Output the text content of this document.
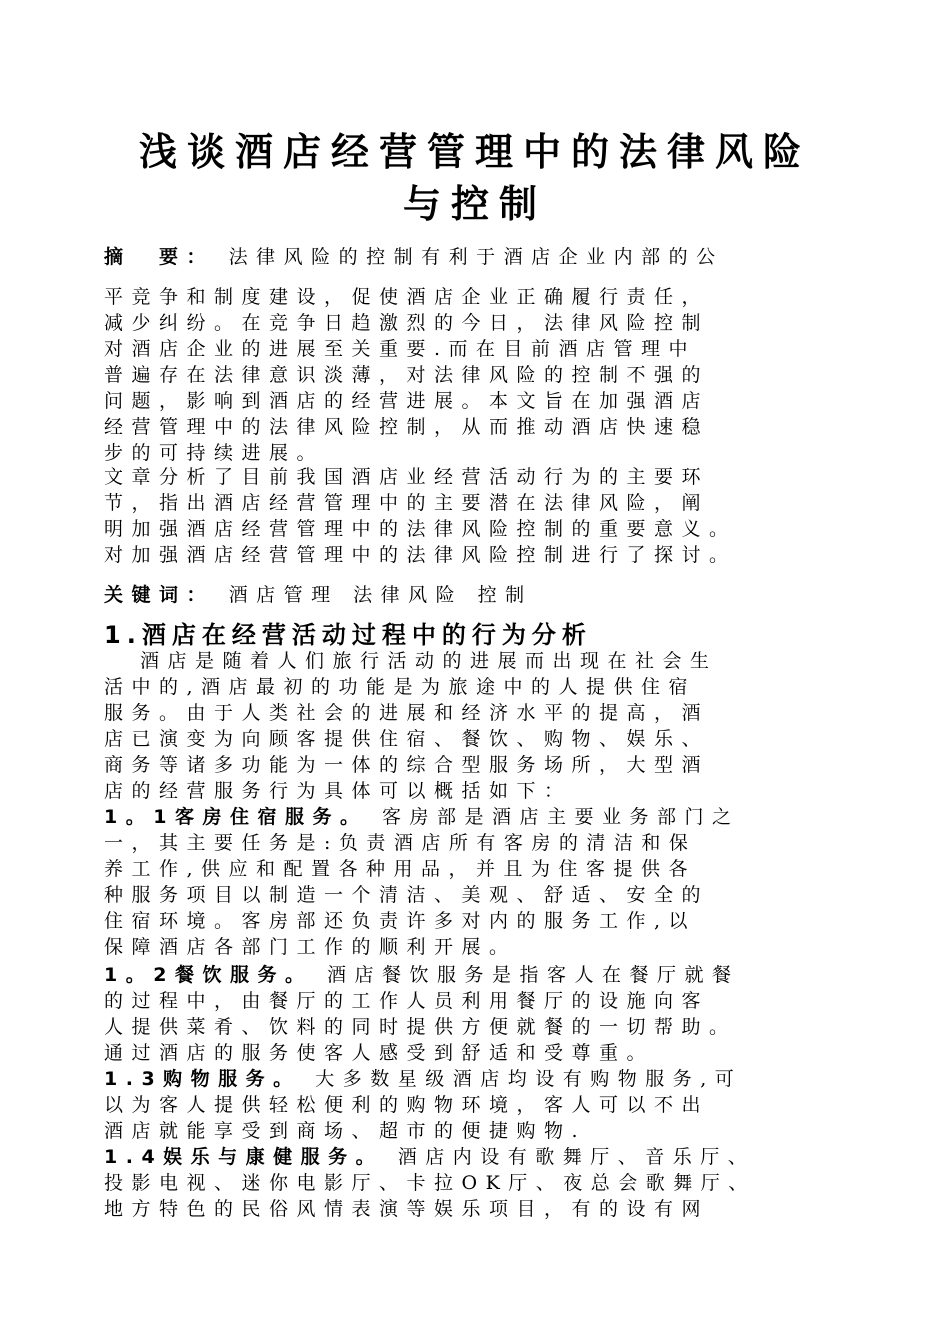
浅谈酒店经营管理中的法律风险
与控制
摘　要： 法律风险的控制有利于酒店企业内部的公
平竞争和制度建设，促使酒店企业正确履行责任，
减少纠纷。在竞争日趋激烈的今日，法律风险控制
对酒店企业的进展至关重要.而在目前酒店管理中
普遍存在法律意识淡薄，对法律风险的控制不强的
问题，影响到酒店的经营进展。本文旨在加强酒店
经营管理中的法律风险控制，从而推动酒店快速稳
步的可持续进展。
文章分析了目前我国酒店业经营活动行为的主要环
节，指出酒店经营管理中的主要潜在法律风险，阐
明加强酒店经营管理中的法律风险控制的重要意义。
对加强酒店经营管理中的法律风险控制进行了探讨。
关键词： 酒店管理 法律风险 控制
1.酒店在经营活动过程中的行为分析
酒店是随着人们旅行活动的进展而出现在社会生
活中的,酒店最初的功能是为旅途中的人提供住宿
服务。由于人类社会的进展和经济水平的提高，酒
店已演变为向顾客提供住宿、餐饮、购物、娱乐、
商务等诸多功能为一体的综合型服务场所，大型酒
店的经营服务行为具体可以概括如下：
1。1客房住宿服务。 客房部是酒店主要业务部门之
一，其主要任务是:负责酒店所有客房的清洁和保
养工作,供应和配置各种用品，并且为住客提供各
种服务项目以制造一个清洁、美观、舒适、安全的
住宿环境。客房部还负责许多对内的服务工作,以
保障酒店各部门工作的顺利开展。
1。2餐饮服务。 酒店餐饮服务是指客人在餐厅就餐
的过程中，由餐厅的工作人员利用餐厅的设施向客
人提供菜肴、饮料的同时提供方便就餐的一切帮助。
通过酒店的服务使客人感受到舒适和受尊重。
1.3购物服务。 大多数星级酒店均设有购物服务,可
以为客人提供轻松便利的购物环境，客人可以不出
酒店就能享受到商场、超市的便捷购物.
1.4娱乐与康健服务。 酒店内设有歌舞厅、音乐厅、
投影电视、迷你电影厅、卡拉OK厅、夜总会歌舞厅、
地方特色的民俗风情表演等娱乐项目，有的设有网
